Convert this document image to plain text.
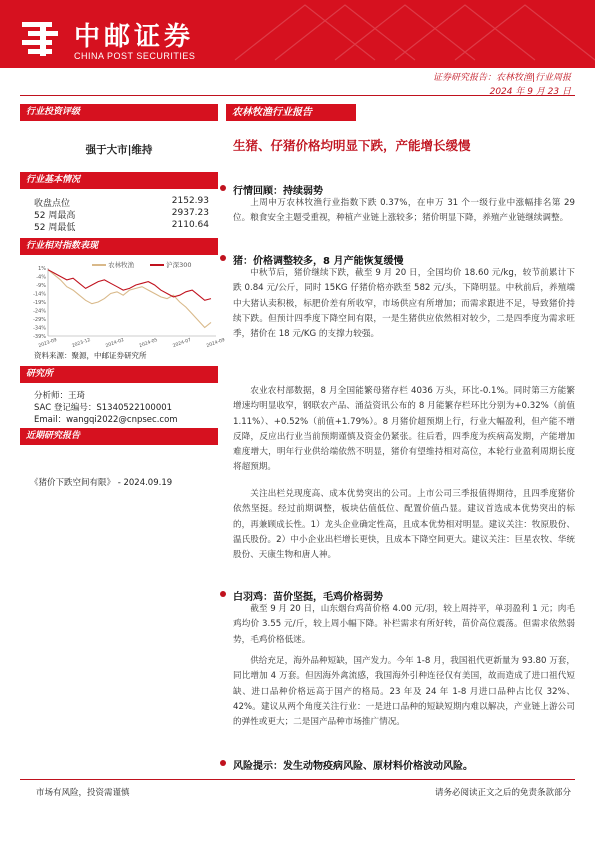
中邮证券
CHINA POST SECURITIES
证券研究报告：农林牧渔|行业周报
2024 年 9 月 23 日
行业投资评级
强于大市|维持
行业基本情况
收盘点位	2152.93
52 周最高	2937.23
52 周最低	2110.64
行业相对指数表现
1%
-4%
-9%
-14%
-19%
-24%
-29%
-34%
-39%
2023-09	2023-12	2024-02	2024-05	2024-07	2024-09
农林牧渔	沪深300
资料来源：聚源，中邮证券研究所
研究所
分析师：王琦
SAC 登记编号：S1340522100001
Email：wangqi2022@cnpsec.com
近期研究报告
《猪价下跌空间有限》 - 2024.09.19
农林牧渔行业报告
生猪、仔猪价格均明显下跌，产能增长缓慢
行情回顾：持续弱势
上周申万农林牧渔行业指数下跌 0.37%，在申万 31 个一级行业中涨幅排名第 29 位。粮食安全主题受重视，种植产业链上涨较多；猪价明显下降，养殖产业链继续调整。
猪：价格调整较多，8 月产能恢复缓慢
中秋节后，猪价继续下跌，截至 9 月 20 日，全国均价 18.60 元/kg，较节前累计下跌 0.84 元/公斤，同时 15KG 仔猪价格亦跌至 582 元/头，下降明显。中秋前后，养殖端中大猪认卖积极，标肥价差有所收窄，市场供应有所增加；而需求跟进不足，导致猪价持续下跌。但预计四季度下降空间有限，一是生猪供应依然相对较少，二是四季度为需求旺季，猪价在 18 元/KG 的支撑力较强。
农业农村部数据，8 月全国能繁母猪存栏 4036 万头，环比-0.1%。同时第三方能繁增速均明显收窄，钢联农产品、涌益资讯公布的 8 月能繁存栏环比分别为+0.32%（前值 1.11%）、+0.52%（前值+1.79%）。8 月猪价超预期上行，行业大幅盈利，但产能不增反降，反应出行业当前预期谨慎及资金仍紧张。往后看，四季度为疾病高发期，产能增加难度增大，明年行业供给端依然不明显，猪价有望维持相对高位，本轮行业盈利周期长度将超预期。
关注出栏兑现度高、成本优势突出的公司。上市公司三季报值得期待，且四季度猪价依然坚挺。经过前期调整，板块估值低位、配置价值凸显。建议首选成本优势突出的标的，再兼顾成长性。1）龙头企业确定性高，且成本优势相对明显。建议关注：牧原股份、温氏股份。2）中小企业出栏增长更快，且成本下降空间更大。建议关注：巨星农牧、华统股份、天康生物和唐人神。
白羽鸡：苗价坚挺，毛鸡价格弱势
截至 9 月 20 日，山东烟台鸡苗价格 4.00 元/羽，较上周持平，单羽盈利 1 元；肉毛鸡均价 3.55 元/斤，较上周小幅下降。补栏需求有所好转，苗价高位震荡。但需求依然弱势，毛鸡价格低迷。
供给充足，海外品种短缺，国产发力。今年 1-8 月，我国祖代更新量为 93.80 万套，同比增加 4 万套。但因海外禽流感，我国海外引种连径仅有美国，故而造成了进口祖代短缺、进口品种价格远高于国产的格局。23 年及 24 年 1-8 月进口品种占比仅 32%、42%。建议从两个角度关注行业：一是进口品种的短缺短期内难以解决，产业链上游公司的弹性或更大；二是国产品种市场推广情况。
风险提示：发生动物疫病风险、原材料价格波动风险。
市场有风险，投资需谨慎	请务必阅读正文之后的免责条款部分
